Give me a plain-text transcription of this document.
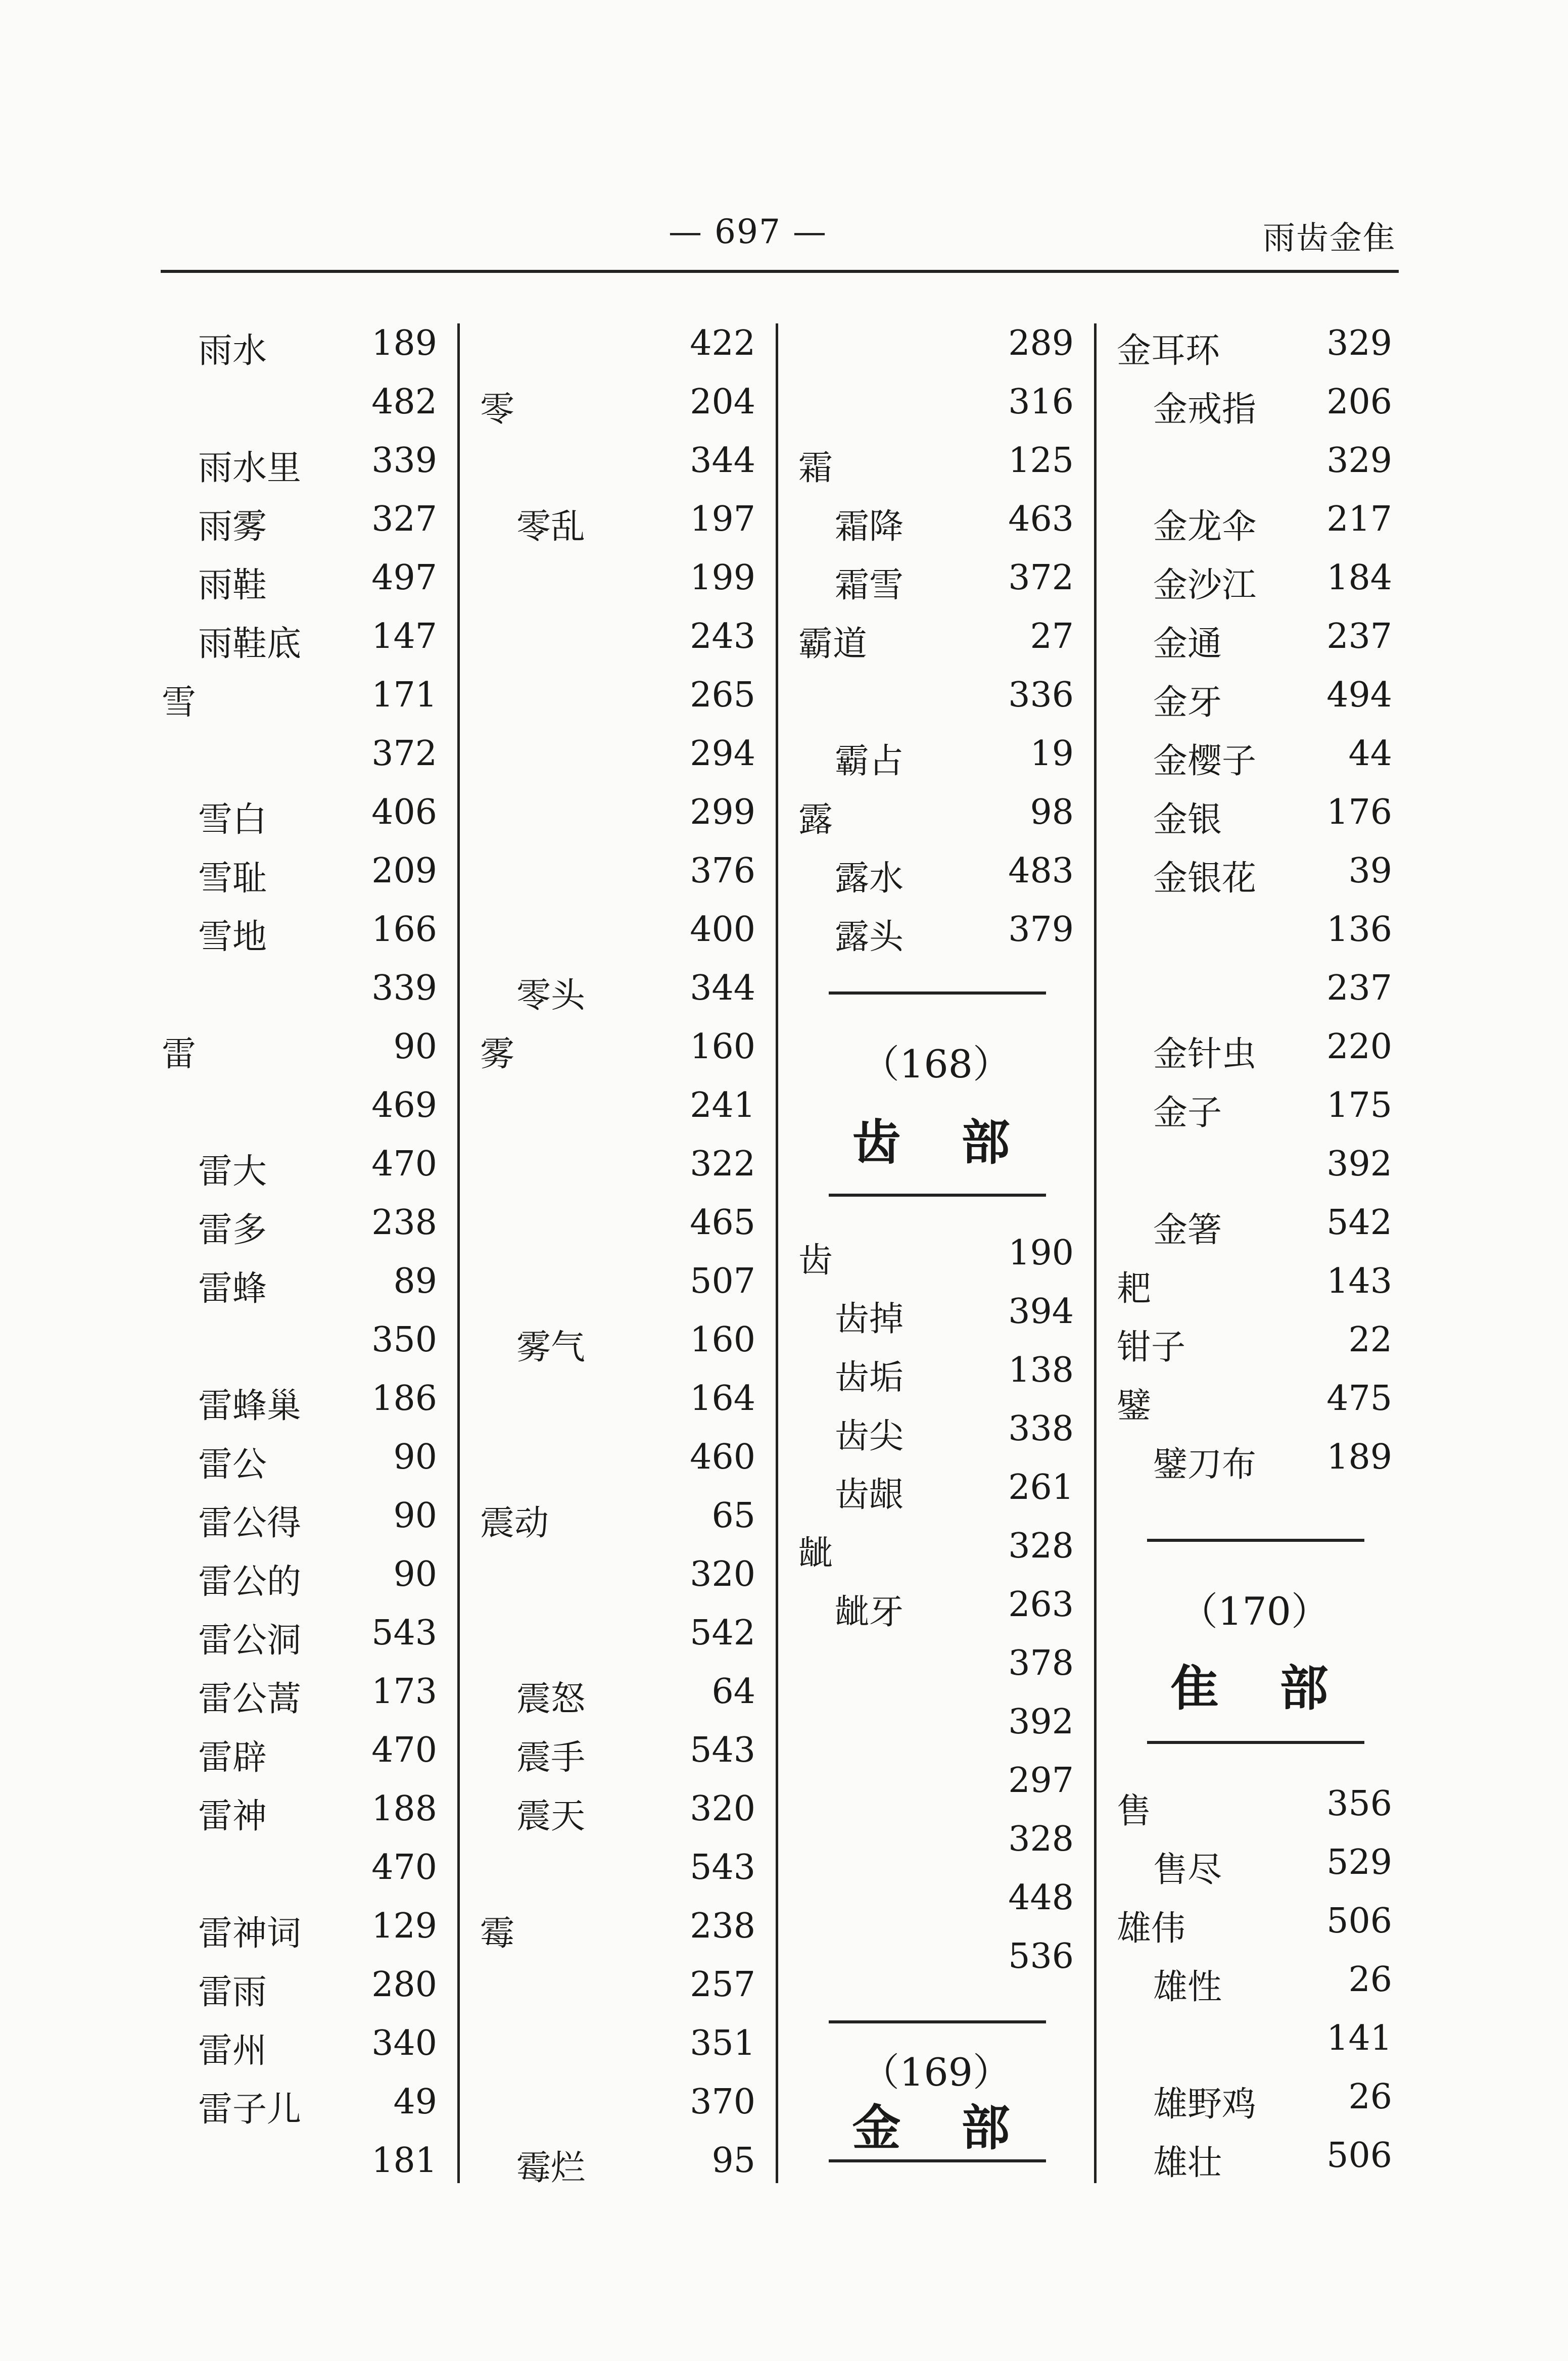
— 697 —	雨齿金隹
雨水	189
482
雨水里 339
雨雾	327
雨鞋	497
雨鞋底 147
雪	171
372
雪白	406
雪耻	209
雪地	166
339
雷	90
469
雷大	470
雷多	238
雷蜂	89
350
雷蜂巢 186
雷公	90
雷公得	90
雷公的	90
雷公洞 543
雷公蒿 173
雷辟	470
雷神	188
470
雷神词 129
雷雨	280
雷州	340
雷子儿	49
181
422
零	204
344
零乱	197
199
243
265
294
299
376
400
零头	344
雾	160
241
322
465
507
雾气	160
164
460
震动	65
320
542
震怒	64
震手	543
震天	320
543
霉	238
257
351
370
霉烂	95
289
316
霜	125
霜降	463
霜雪	372
霸道	27
336
霸占	19
露	98
露水	483
露头	379
（168）
齿部
齿	190
齿掉	394
齿垢	138
齿尖	338
齿龈	261
龇	328
龇牙	263
378
392
297
328
448
536
（169）
金部
金耳环	329
金戒指 206
329
金龙伞 217
金沙江 184
金通	237
金牙	494
金樱子	44
金银	176
金银花	39
136
237
金针虫 220
金子	175
392
金箸	542
耙	143
钳子	22
鐾	475
鐾刀布 189
（170）
隹部
售	356
售尽	529
雄伟	506
雄性	26
141
雄野鸡	26
雄壮	506
